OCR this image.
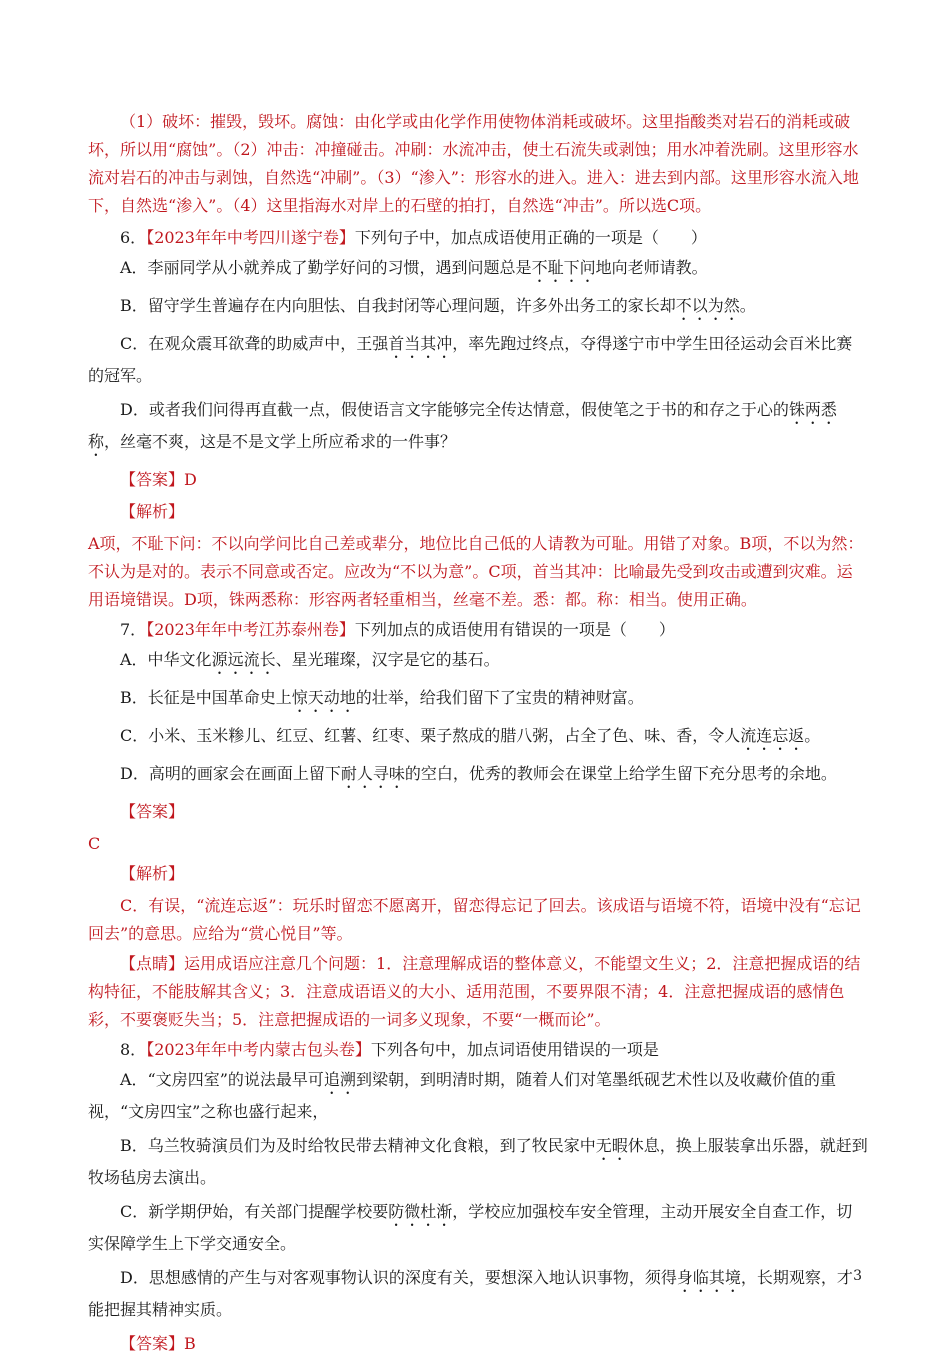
（1）破坏：摧毁，毁坏。腐蚀：由化学或由化学作用使物体消耗或破坏。这里指酸类对岩石的消耗或破坏，所以用“腐蚀”。（2）冲击：冲撞碰击。冲刷：水流冲击，使土石流失或剥蚀；用水冲着洗刷。这里形容水流对岩石的冲击与剥蚀，自然选“冲刷”。（3）“渗入”：形容水的进入。进入：进去到内部。这里形容水流入地下，自然选“渗入”。（4）这里指海水对岸上的石壁的拍打，自然选“冲击”。所以选C项。

6．【2023年年中考四川遂宁卷】下列句子中，加点成语使用正确的一项是（　　）

A．李丽同学从小就养成了勤学好问的习惯，遇到问题总是不耻下问地向老师请教。

B．留守学生普遍存在内向胆怯、自我封闭等心理问题，许多外出务工的家长却不以为然。

C．在观众震耳欲聋的助威声中，王强首当其冲，率先跑过终点，夺得遂宁市中学生田径运动会百米比赛的冠军。

D．或者我们问得再直截一点，假使语言文字能够完全传达情意，假使笔之于书的和存之于心的铢两悉称，丝毫不爽，这是不是文学上所应希求的一件事？

【答案】D

【解析】

A项，不耻下问：不以向学问比自己差或辈分，地位比自己低的人请教为可耻。用错了对象。B项，不以为然：不认为是对的。表示不同意或否定。应改为“不以为意”。C项，首当其冲：比喻最先受到攻击或遭到灾难。运用语境错误。D项，铢两悉称：形容两者轻重相当，丝毫不差。悉：都。称：相当。使用正确。

7．【2023年年中考江苏泰州卷】下列加点的成语使用有错误的一项是（　　）

A．中华文化源远流长、星光璀璨，汉字是它的基石。

B．长征是中国革命史上惊天动地的壮举，给我们留下了宝贵的精神财富。

C．小米、玉米糁儿、红豆、红薯、红枣、栗子熬成的腊八粥，占全了色、味、香，令人流连忘返。

D．高明的画家会在画面上留下耐人寻味的空白，优秀的教师会在课堂上给学生留下充分思考的余地。

【答案】

C

【解析】

C．有误，“流连忘返”：玩乐时留恋不愿离开，留恋得忘记了回去。该成语与语境不符，语境中没有“忘记回去”的意思。应给为“赏心悦目”等。

【点睛】运用成语应注意几个问题：1．注意理解成语的整体意义，不能望文生义；2．注意把握成语的结构特征，不能肢解其含义；3．注意成语语义的大小、适用范围，不要界限不清；4．注意把握成语的感情色彩，不要褒贬失当；5．注意把握成语的一词多义现象，不要“一概而论”。

8．【2023年年中考内蒙古包头卷】下列各句中，加点词语使用错误的一项是

A．“文房四室”的说法最早可追溯到梁朝，到明清时期，随着人们对笔墨纸砚艺术性以及收藏价值的重视，“文房四宝”之称也盛行起来，

B．乌兰牧骑演员们为及时给牧民带去精神文化食粮，到了牧民家中无暇休息，换上服装拿出乐器，就赶到牧场毡房去演出。

C．新学期伊始，有关部门提醒学校要防微杜渐，学校应加强校车安全管理，主动开展安全自查工作，切实保障学生上下学交通安全。

D．思想感情的产生与对客观事物认识的深度有关，要想深入地认识事物，须得身临其境，长期观察，才能把握其精神实质。

【答案】B

3
